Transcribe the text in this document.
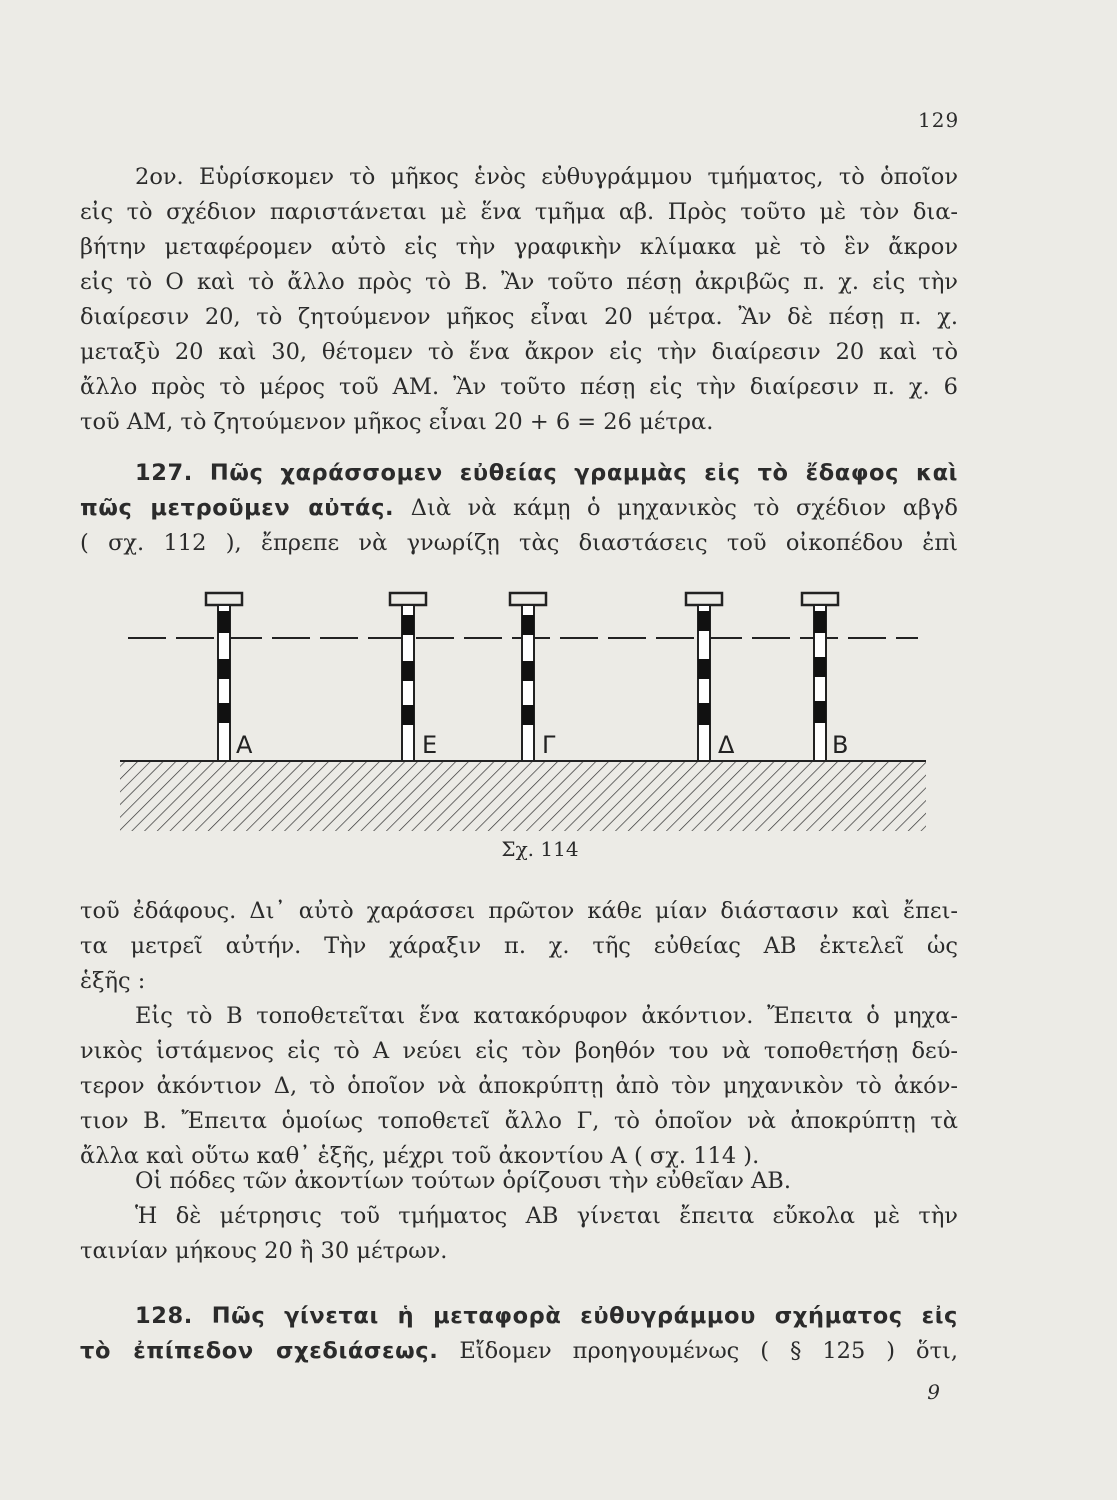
129
2ον. Εὑρίσκομεν τὸ μῆκος ἑνὸς εὐθυγράμμου τμήματος, τὸ ὁποῖον
εἰς τὸ σχέδιον παριστάνεται μὲ ἕνα τμῆμα αβ. Πρὸς τοῦτο μὲ τὸν δια-
βήτην μεταφέρομεν αὐτὸ εἰς τὴν γραφικὴν κλίμακα μὲ τὸ ἓν ἄκρον
εἰς τὸ Ο καὶ τὸ ἄλλο πρὸς τὸ Β. Ἂν τοῦτο πέσῃ ἀκριβῶς π. χ. εἰς τὴν
διαίρεσιν 20, τὸ ζητούμενον μῆκος εἶναι 20 μέτρα. Ἂν δὲ πέσῃ π. χ.
μεταξὺ 20 καὶ 30, θέτομεν τὸ ἕνα ἄκρον εἰς τὴν διαίρεσιν 20 καὶ τὸ
ἄλλο πρὸς τὸ μέρος τοῦ ΑΜ. Ἂν τοῦτο πέσῃ εἰς τὴν διαίρεσιν π. χ. 6
τοῦ ΑΜ, τὸ ζητούμενον μῆκος εἶναι 20 + 6 = 26 μέτρα.
127. Πῶς χαράσσομεν εὐθείας γραμμὰς εἰς τὸ ἔδαφος καὶ
πῶς μετροῦμεν αὐτάς. Διὰ νὰ κάμῃ ὁ μηχανικὸς τὸ σχέδιον αβγδ
( σχ. 112 ), ἔπρεπε νὰ γνωρίζῃ τὰς διαστάσεις τοῦ οἰκοπέδου ἐπὶ
Α	Ε	Γ	Δ	Β
Σχ. 114
τοῦ ἐδάφους. Δι᾽ αὐτὸ χαράσσει πρῶτον κάθε μίαν διάστασιν καὶ ἔπει-
τα μετρεῖ αὐτήν. Τὴν χάραξιν π. χ. τῆς εὐθείας ΑΒ ἐκτελεῖ ὡς
ἑξῆς :
Εἰς τὸ Β τοποθετεῖται ἕνα κατακόρυφον ἀκόντιον. Ἔπειτα ὁ μηχα-
νικὸς ἱστάμενος εἰς τὸ Α νεύει εἰς τὸν βοηθόν του νὰ τοποθετήσῃ δεύ-
τερον ἀκόντιον Δ, τὸ ὁποῖον νὰ ἀποκρύπτῃ ἀπὸ τὸν μηχανικὸν τὸ ἀκόν-
τιον Β. Ἔπειτα ὁμοίως τοποθετεῖ ἄλλο Γ, τὸ ὁποῖον νὰ ἀποκρύπτῃ τὰ
ἄλλα καὶ οὕτω καθ᾽ ἑξῆς, μέχρι τοῦ ἀκοντίου Α ( σχ. 114 ).
Οἱ πόδες τῶν ἀκοντίων τούτων ὁρίζουσι τὴν εὐθεῖαν ΑΒ.
Ἡ δὲ μέτρησις τοῦ τμήματος ΑΒ γίνεται ἔπειτα εὔκολα μὲ τὴν
ταινίαν μήκους 20 ἢ 30 μέτρων.
128. Πῶς γίνεται ἡ μεταφορὰ εὐθυγράμμου σχήματος εἰς
τὸ ἐπίπεδον σχεδιάσεως. Εἴδομεν προηγουμένως ( § 125 ) ὅτι,
9
